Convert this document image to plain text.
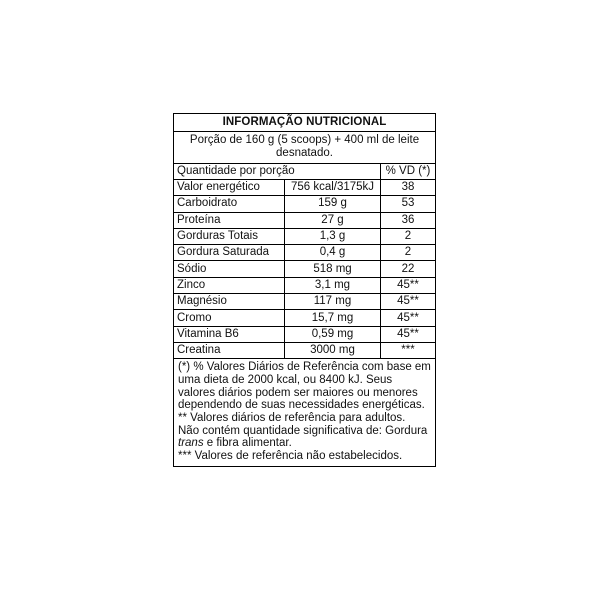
INFORMAÇÃO NUTRICIONAL
Porção de 160 g (5 scoops) + 400 ml de leite desnatado.
Quantidade por porção	% VD (*)
Valor energético	756 kcal/3175kJ	38
Carboidrato	159 g	53
Proteína	27 g	36
Gorduras Totais	1,3 g	2
Gordura Saturada	0,4 g	2
Sódio	518 mg	22
Zinco	3,1 mg	45**
Magnésio	117 mg	45**
Cromo	15,7 mg	45**
Vitamina B6	0,59 mg	45**
Creatina	3000 mg	***

(*) % Valores Diários de Referência com base em uma dieta de 2000 kcal, ou 8400 kJ. Seus valores diários podem ser maiores ou menores dependendo de suas necessidades energéticas.

** Valores diários de referência para adultos.

Não contém quantidade significativa de: Gordura trans e fibra alimentar.

*** Valores de referência não estabelecidos.
